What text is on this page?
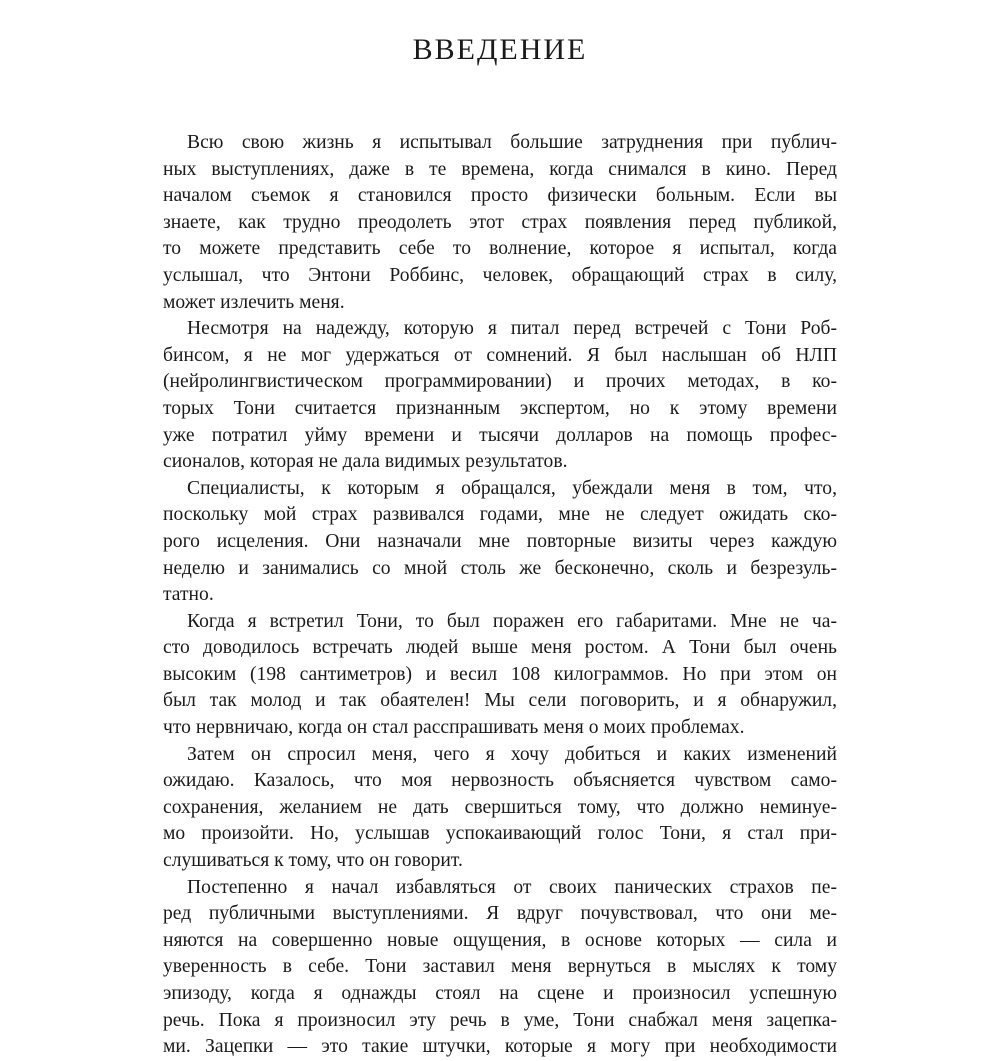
ВВЕДЕНИЕ
Всю свою жизнь я испытывал большие затруднения при публич-
ных выступлениях, даже в те времена, когда снимался в кино. Перед
началом съемок я становился просто физически больным. Если вы
знаете, как трудно преодолеть этот страх появления перед публикой,
то можете представить себе то волнение, которое я испытал, когда
услышал, что Энтони Роббинс, человек, обращающий страх в силу,
может излечить меня.
Несмотря на надежду, которую я питал перед встречей с Тони Роб-
бинсом, я не мог удержаться от сомнений. Я был наслышан об НЛП
(нейролингвистическом программировании) и прочих методах, в ко-
торых Тони считается признанным экспертом, но к этому времени
уже потратил уйму времени и тысячи долларов на помощь профес-
сионалов, которая не дала видимых результатов.
Специалисты, к которым я обращался, убеждали меня в том, что,
поскольку мой страх развивался годами, мне не следует ожидать ско-
рого исцеления. Они назначали мне повторные визиты через каждую
неделю и занимались со мной столь же бесконечно, сколь и безрезуль-
татно.
Когда я встретил Тони, то был поражен его габаритами. Мне не ча-
сто доводилось встречать людей выше меня ростом. А Тони был очень
высоким (198 сантиметров) и весил 108 килограммов. Но при этом он
был так молод и так обаятелен! Мы сели поговорить, и я обнаружил,
что нервничаю, когда он стал расспрашивать меня о моих проблемах.
Затем он спросил меня, чего я хочу добиться и каких изменений
ожидаю. Казалось, что моя нервозность объясняется чувством само-
сохранения, желанием не дать свершиться тому, что должно неминуе-
мо произойти. Но, услышав успокаивающий голос Тони, я стал при-
слушиваться к тому, что он говорит.
Постепенно я начал избавляться от своих панических страхов пе-
ред публичными выступлениями. Я вдруг почувствовал, что они ме-
няются на совершенно новые ощущения, в основе которых — сила и
уверенность в себе. Тони заставил меня вернуться в мыслях к тому
эпизоду, когда я однажды стоял на сцене и произносил успешную
речь. Пока я произносил эту речь в уме, Тони снабжал меня зацепка-
ми. Зацепки — это такие штучки, которые я могу при необходимости
